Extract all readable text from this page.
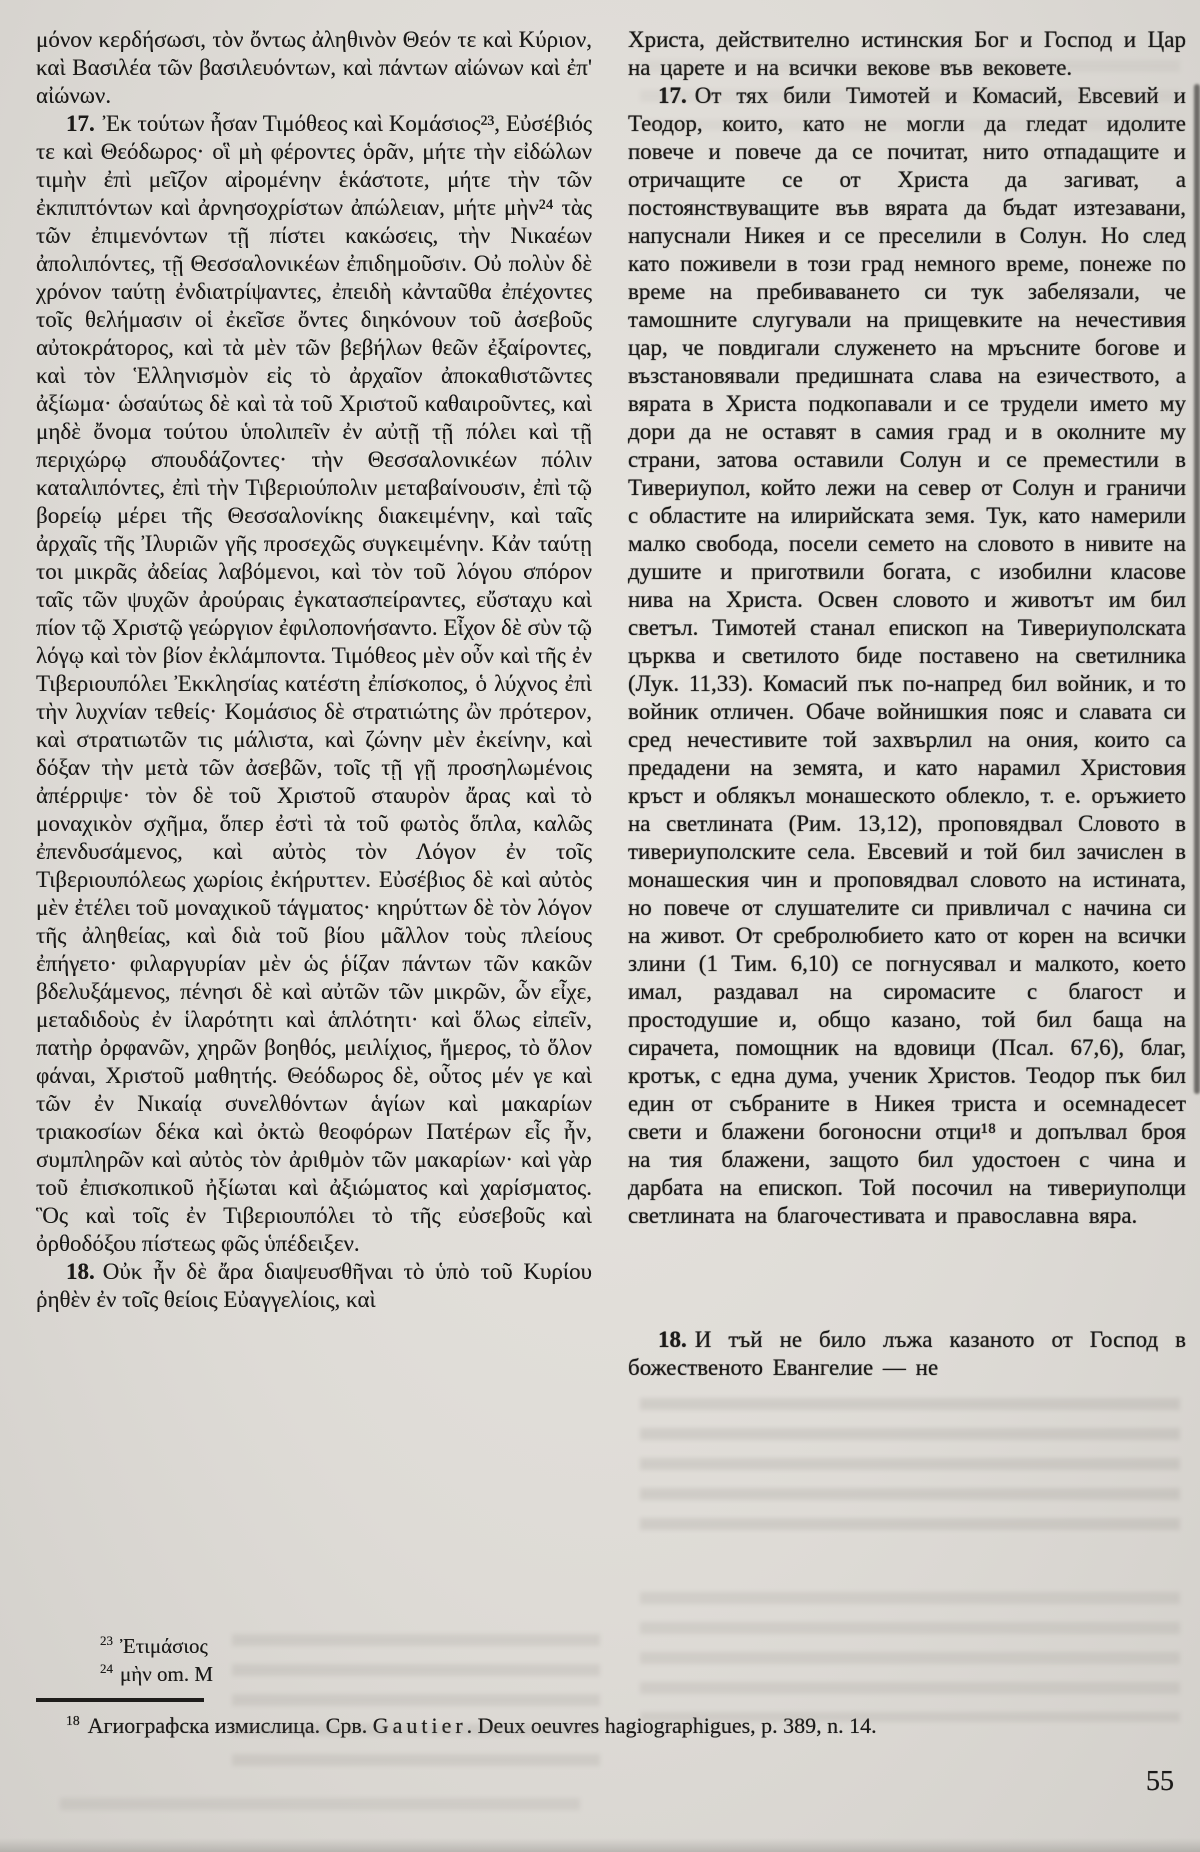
μόνον κερδήσωσι, τὸν ὄντως ἀληθινὸν Θεόν τε καὶ Κύριον, καὶ Βασιλέα τῶν βασιλευόντων, καὶ πάντων αἰώνων καὶ ἐπ' αἰώνων.

17. Ἐκ τούτων ἦσαν Τιμόθεος καὶ Κομάσιος²³, Εὐσέβιός τε καὶ Θεόδωρος· οἳ μὴ φέροντες ὁρᾶν, μήτε τὴν εἰδώλων τιμὴν ἐπὶ μεῖζον αἰρομένην ἑκάστοτε, μήτε τὴν τῶν ἐκπιπτόντων καὶ ἀρνησοχρίστων ἀπώλειαν, μήτε μὴν²⁴ τὰς τῶν ἐπιμενόντων τῇ πίστει κακώσεις, τὴν Νικαέων ἀπολιπόντες, τῇ Θεσσαλονικέων ἐπιδημοῦσιν. Οὐ πολὺν δὲ χρόνον ταύτῃ ἐνδιατρίψαντες, ἐπειδὴ κἀνταῦθα ἐπέχοντες τοῖς θελήμασιν οἱ ἐκεῖσε ὄντες διηκόνουν τοῦ ἀσεβοῦς αὐτοκράτορος, καὶ τὰ μὲν τῶν βεβήλων θεῶν ἐξαίροντες, καὶ τὸν Ἑλληνισμὸν εἰς τὸ ἀρχαῖον ἀποκαθιστῶντες ἀξίωμα· ὡσαύτως δὲ καὶ τὰ τοῦ Χριστοῦ καθαιροῦντες, καὶ μηδὲ ὄνομα τούτου ὑπολιπεῖν ἐν αὐτῇ τῇ πόλει καὶ τῇ περιχώρῳ σπουδάζοντες· τὴν Θεσσαλονικέων πόλιν καταλιπόντες, ἐπὶ τὴν Τιβεριούπολιν μεταβαίνουσιν, ἐπὶ τῷ βορείῳ μέρει τῆς Θεσσαλονίκης διακειμένην, καὶ ταῖς ἀρχαῖς τῆς Ἰλυριῶν γῆς προσεχῶς συγκειμένην. Κἀν ταύτῃ τοι μικρᾶς ἀδείας λαβόμενοι, καὶ τὸν τοῦ λόγου σπόρον ταῖς τῶν ψυχῶν ἀρούραις ἐγκατασπείραντες, εὔσταχυ καὶ πίον τῷ Χριστῷ γεώργιον ἐφιλοπονήσαντο. Εἶχον δὲ σὺν τῷ λόγῳ καὶ τὸν βίον ἐκλάμποντα. Τιμόθεος μὲν οὖν καὶ τῆς ἐν Τιβεριουπόλει Ἐκκλησίας κατέστη ἐπίσκοπος, ὁ λύχνος ἐπὶ τὴν λυχνίαν τεθείς· Κομάσιος δὲ στρατιώτης ὢν πρότερον, καὶ στρατιωτῶν τις μάλιστα, καὶ ζώνην μὲν ἐκείνην, καὶ δόξαν τὴν μετὰ τῶν ἀσεβῶν, τοῖς τῇ γῇ προσηλωμένοις ἀπέρριψε· τὸν δὲ τοῦ Χριστοῦ σταυρὸν ἄρας καὶ τὸ μοναχικὸν σχῆμα, ὅπερ ἐστὶ τὰ τοῦ φωτὸς ὅπλα, καλῶς ἐπενδυσάμενος, καὶ αὐτὸς τὸν Λόγον ἐν τοῖς Τιβεριουπόλεως χωρίοις ἐκήρυττεν. Εὐσέβιος δὲ καὶ αὐτὸς μὲν ἐτέλει τοῦ μοναχικοῦ τάγματος· κηρύττων δὲ τὸν λόγον τῆς ἀληθείας, καὶ διὰ τοῦ βίου μᾶλλον τοὺς πλείους ἐπήγετο· φιλαργυρίαν μὲν ὡς ῥίζαν πάντων τῶν κακῶν βδελυξάμενος, πένησι δὲ καὶ αὐτῶν τῶν μικρῶν, ὧν εἶχε, μεταδιδοὺς ἐν ἱλαρότητι καὶ ἁπλότητι· καὶ ὅλως εἰπεῖν, πατὴρ ὀρφανῶν, χηρῶν βοηθός, μειλίχιος, ἥμερος, τὸ ὅλον φάναι, Χριστοῦ μαθητής. Θεόδωρος δὲ, οὗτος μέν γε καὶ τῶν ἐν Νικαίᾳ συνελθόντων ἁγίων καὶ μακαρίων τριακοσίων δέκα καὶ ὀκτὼ θεοφόρων Πατέρων εἷς ἦν, συμπληρῶν καὶ αὐτὸς τὸν ἀριθμὸν τῶν μακαρίων· καὶ γὰρ τοῦ ἐπισκοπικοῦ ἠξίωται καὶ ἀξιώματος καὶ χαρίσματος. Ὃς καὶ τοῖς ἐν Τιβεριουπόλει τὸ τῆς εὐσεβοῦς καὶ ὀρθοδόξου πίστεως φῶς ὑπέδειξεν.

18. Οὐκ ἦν δὲ ἄρα διαψευσθῆναι τὸ ὑπὸ τοῦ Κυρίου ῥηθὲν ἐν τοῖς θείοις Εὐαγγελίοις, καὶ

Христа, действително истинския Бог и Господ и Цар на царете и на всички векове във вековете.

17. От тях били Тимотей и Комасий, Евсевий и Теодор, които, като не могли да гледат идолите повече и повече да се почитат, нито отпадащите и отричащите се от Христа да загиват, а постоянствуващите във вярата да бъдат изтезавани, напуснали Никея и се преселили в Солун. Но след като поживели в този град немного време, понеже по време на пребиваването си тук забелязали, че тамошните слугували на прищевките на нечестивия цар, че повдигали служенето на мръсните богове и възстановявали предишната слава на езичеството, а вярата в Христа подкопавали и се трудели името му дори да не оставят в самия град и в околните му страни, затова оставили Солун и се преместили в Тивериупол, който лежи на север от Солун и граничи с областите на илирийската земя. Тук, като намерили малко свобода, посели семето на словото в нивите на душите и приготвили богата, с изобилни класове нива на Христа. Освен словото и животът им бил светъл. Тимотей станал епископ на Тивериуполската църква и светилото биде поставено на светилника (Лук. 11,33). Комасий пък по-напред бил войник, и то войник отличен. Обаче войнишкия пояс и славата си сред нечестивите той захвърлил на ония, които са предадени на земята, и като нарамил Христовия кръст и облякъл монашеското облекло, т. е. оръжието на светлината (Рим. 13,12), проповядвал Словото в тивериуполските села. Евсевий и той бил зачислен в монашеския чин и проповядвал словото на истината, но повече от слушателите си привличал с начина си на живот. От сребролюбието като от корен на всички злини (1 Тим. 6,10) се погнусявал и малкото, което имал, раздавал на сиромасите с благост и простодушие и, общо казано, той бил баща на сирачета, помощник на вдовици (Псал. 67,6), благ, кротък, с една дума, ученик Христов. Теодор пък бил един от събраните в Никея триста и осемнадесет свети и блажени богоносни отци¹⁸ и допълвал броя на тия блажени, защото бил удостоен с чина и дарбата на епископ. Той посочил на тивериуполци светлината на благочестивата и православна вяра.

18. И тъй не било лъжа казаното от Господ в божественото Евангелие — не

$^{23}$ Ἐτιμάσιος

$^{24}$ μὴν om. M

$^{18}$ Агиографска измислица. Срв. Gautier. Deux oeuvres hagiographigues, p. 389, n. 14.
55
